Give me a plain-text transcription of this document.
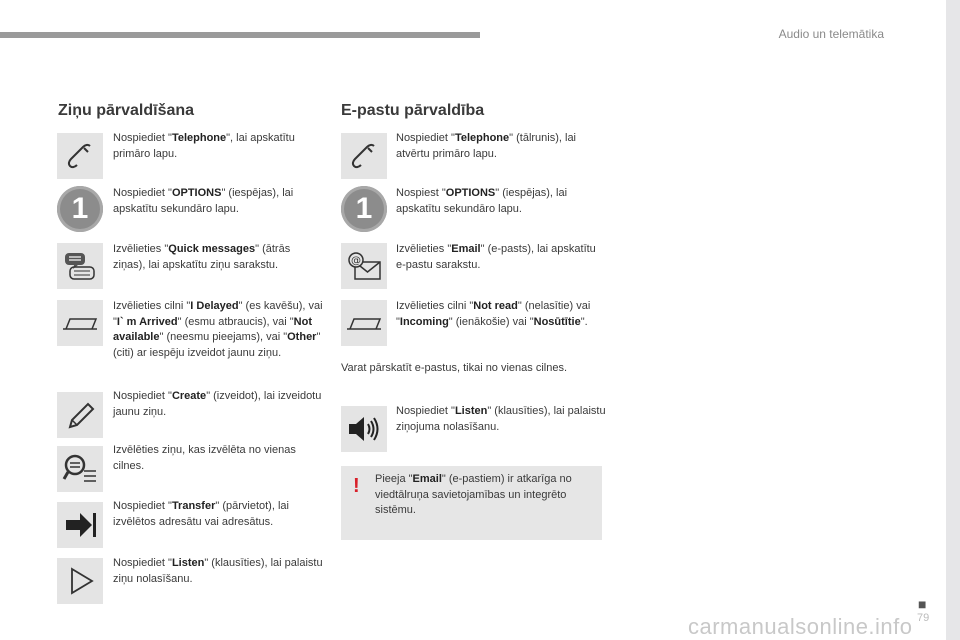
Audio un telemātika
Ziņu pārvaldīšana
Nospiediet "Telephone", lai apskatītu primāro lapu.
1	Nospiediet "OPTIONS" (iespējas), lai apskatītu sekundāro lapu.
Izvēlieties "Quick messages" (ātrās ziņas), lai apskatītu ziņu sarakstu.
Izvēlieties cilni "I Delayed" (es kavēšu), vai "I` m Arrived" (esmu atbraucis), vai "Not available" (neesmu pieejams), vai "Other" (citi) ar iespēju izveidot jaunu ziņu.
Nospiediet "Create" (izveidot), lai izveidotu jaunu ziņu.
Izvēlēties ziņu, kas izvēlēta no vienas cilnes.
Nospiediet "Transfer" (pārvietot), lai izvēlētos adresātu vai adresātus.
Nospiediet "Listen" (klausīties), lai palaistu ziņu nolasīšanu.
E-pastu pārvaldība
Nospiediet "Telephone" (tālrunis), lai atvērtu primāro lapu.
1	Nospiest "OPTIONS" (iespējas), lai apskatītu sekundāro lapu.
@
Izvēlieties "Email" (e-pasts), lai apskatītu e-pastu sarakstu.
Izvēlieties cilni "Not read" (nelasītie) vai "Incoming" (ienākošie) vai "Nosūtītie".
Varat pārskatīt e-pastus, tikai no vienas cilnes.
Nospiediet "Listen" (klausīties), lai palaistu ziņojuma nolasīšanu.
! Pieeja "Email" (e-pastiem) ir atkarīga no viedtālruņa savietojamības un integrēto sistēmu.
■
79
carmanualsonline.info
